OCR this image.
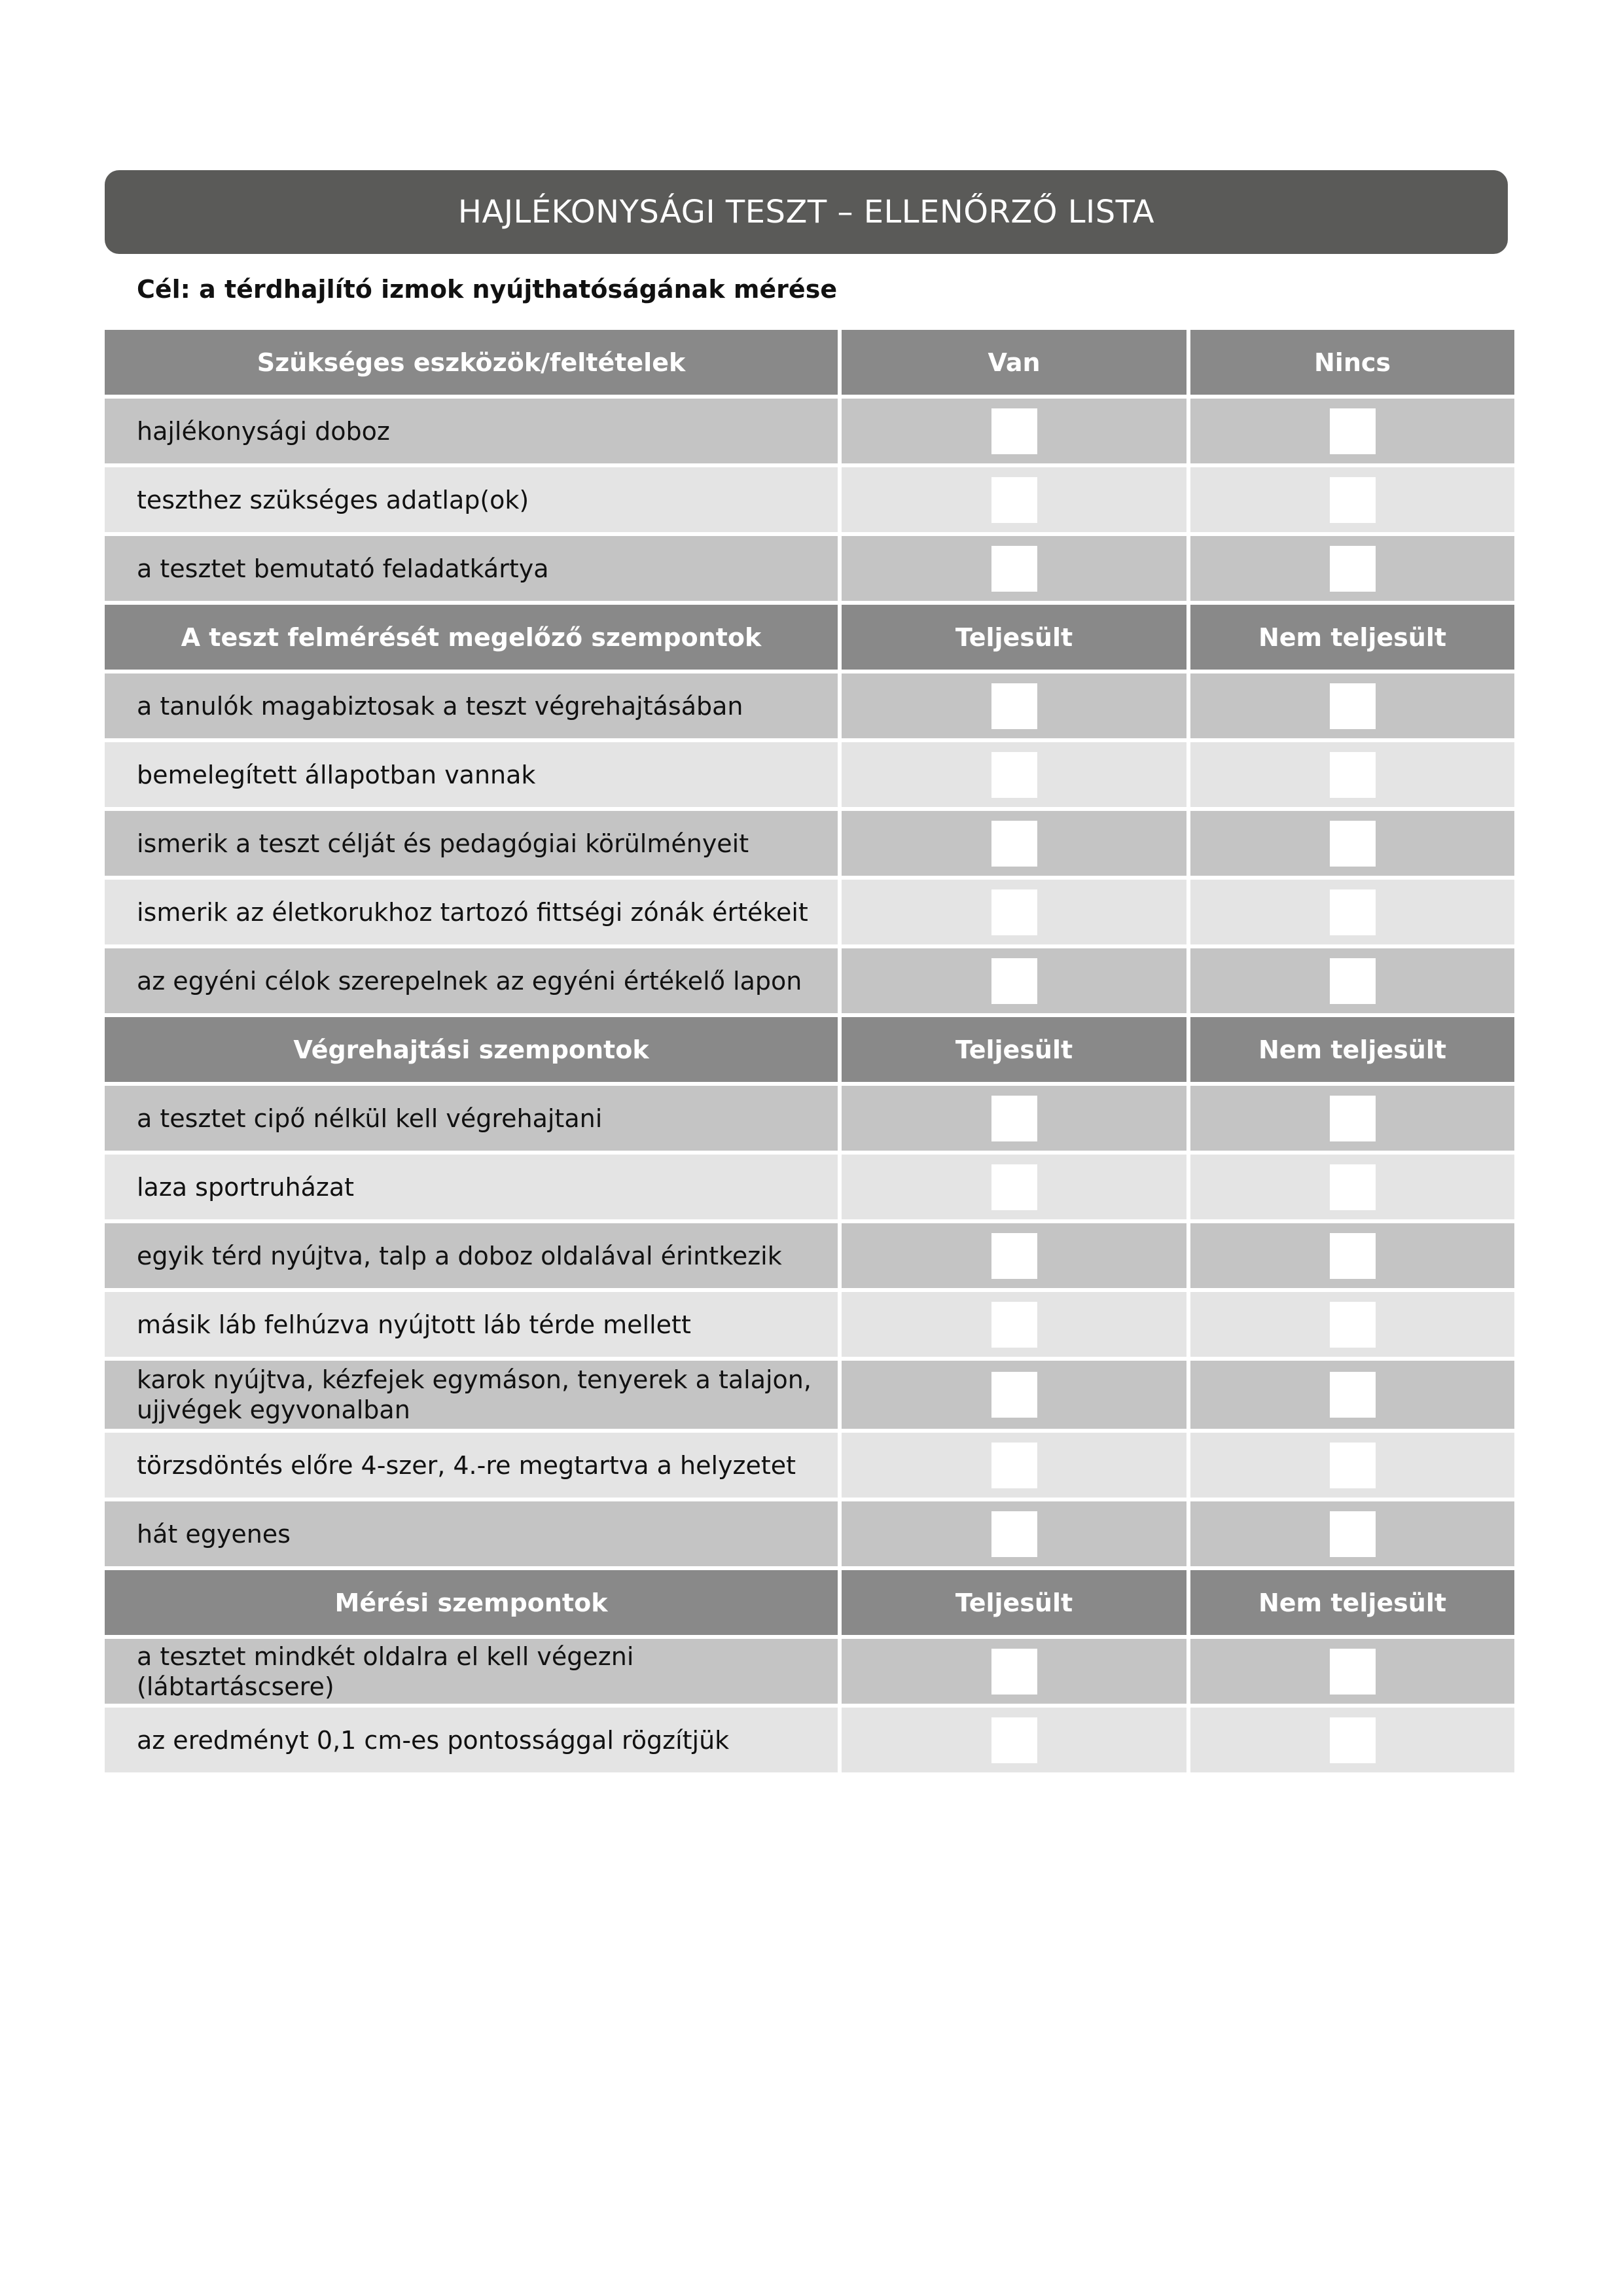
HAJLÉKONYSÁGI TESZT – ELLENŐRZŐ LISTA
Cél: a térdhajlító izmok nyújthatóságának mérése
Szükséges eszközök/feltételek	Van	Nincs
hajlékonysági doboz
teszthez szükséges adatlap(ok)
a tesztet bemutató feladatkártya
A teszt felmérését megelőző szempontok	Teljesült	Nem teljesült
a tanulók magabiztosak a teszt végrehajtásában
bemelegített állapotban vannak
ismerik a teszt célját és pedagógiai körülményeit
ismerik az életkorukhoz tartozó fittségi zónák értékeit
az egyéni célok szerepelnek az egyéni értékelő lapon
Végrehajtási szempontok	Teljesült	Nem teljesült
a tesztet cipő nélkül kell végrehajtani
laza sportruházat
egyik térd nyújtva, talp a doboz oldalával érintkezik
másik láb felhúzva nyújtott láb térde mellett
karok nyújtva, kézfejek egymáson, tenyerek a talajon,
ujjvégek egyvonalban
törzsdöntés előre 4-szer, 4.-re megtartva a helyzetet
hát egyenes
Mérési szempontok	Teljesült	Nem teljesült
a tesztet mindkét oldalra el kell végezni (lábtartáscsere)
az eredményt 0,1 cm-es pontossággal rögzítjük
